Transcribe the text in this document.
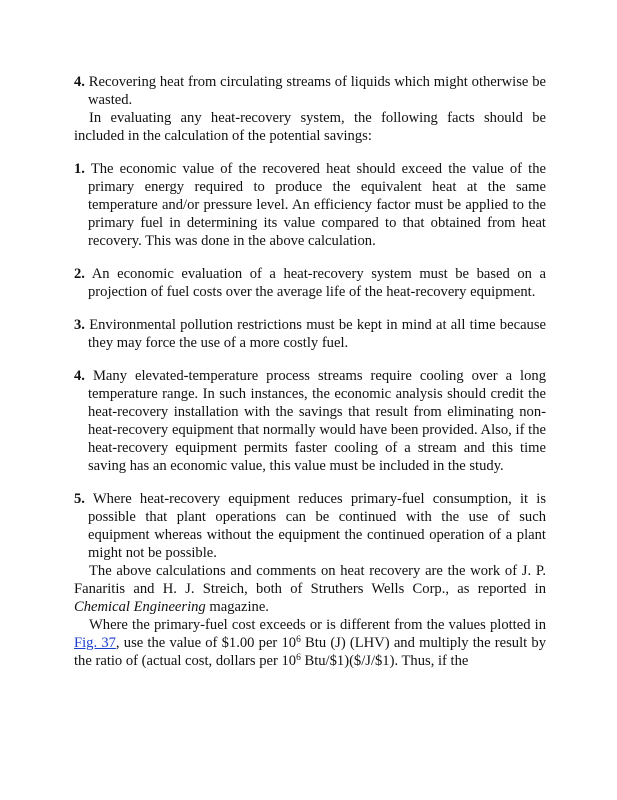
4. Recovering heat from circulating streams of liquids which might otherwise be wasted.

In evaluating any heat-recovery system, the following facts should be included in the calculation of the potential savings:

1. The economic value of the recovered heat should exceed the value of the primary energy required to produce the equivalent heat at the same temperature and/or pressure level. An efficiency factor must be applied to the primary fuel in determining its value compared to that obtained from heat recovery. This was done in the above calculation.

2. An economic evaluation of a heat-recovery system must be based on a projection of fuel costs over the average life of the heat-recovery equipment.

3. Environmental pollution restrictions must be kept in mind at all time because they may force the use of a more costly fuel.

4. Many elevated-temperature process streams require cooling over a long temperature range. In such instances, the economic analysis should credit the heat-recovery installation with the savings that result from eliminating non-heat-recovery equipment that normally would have been provided. Also, if the heat-recovery equipment permits faster cooling of a stream and this time saving has an economic value, this value must be included in the study.

5. Where heat-recovery equipment reduces primary-fuel consumption, it is possible that plant operations can be continued with the use of such equipment whereas without the equipment the continued operation of a plant might not be possible.

The above calculations and comments on heat recovery are the work of J. P. Fanaritis and H. J. Streich, both of Struthers Wells Corp., as reported in Chemical Engineering magazine.

Where the primary-fuel cost exceeds or is different from the values plotted in Fig. 37, use the value of $1.00 per $10^6$ Btu (J) (LHV) and multiply the result by the ratio of (actual cost, dollars per $10^6$ Btu/$1)($/J/$1). Thus, if the
